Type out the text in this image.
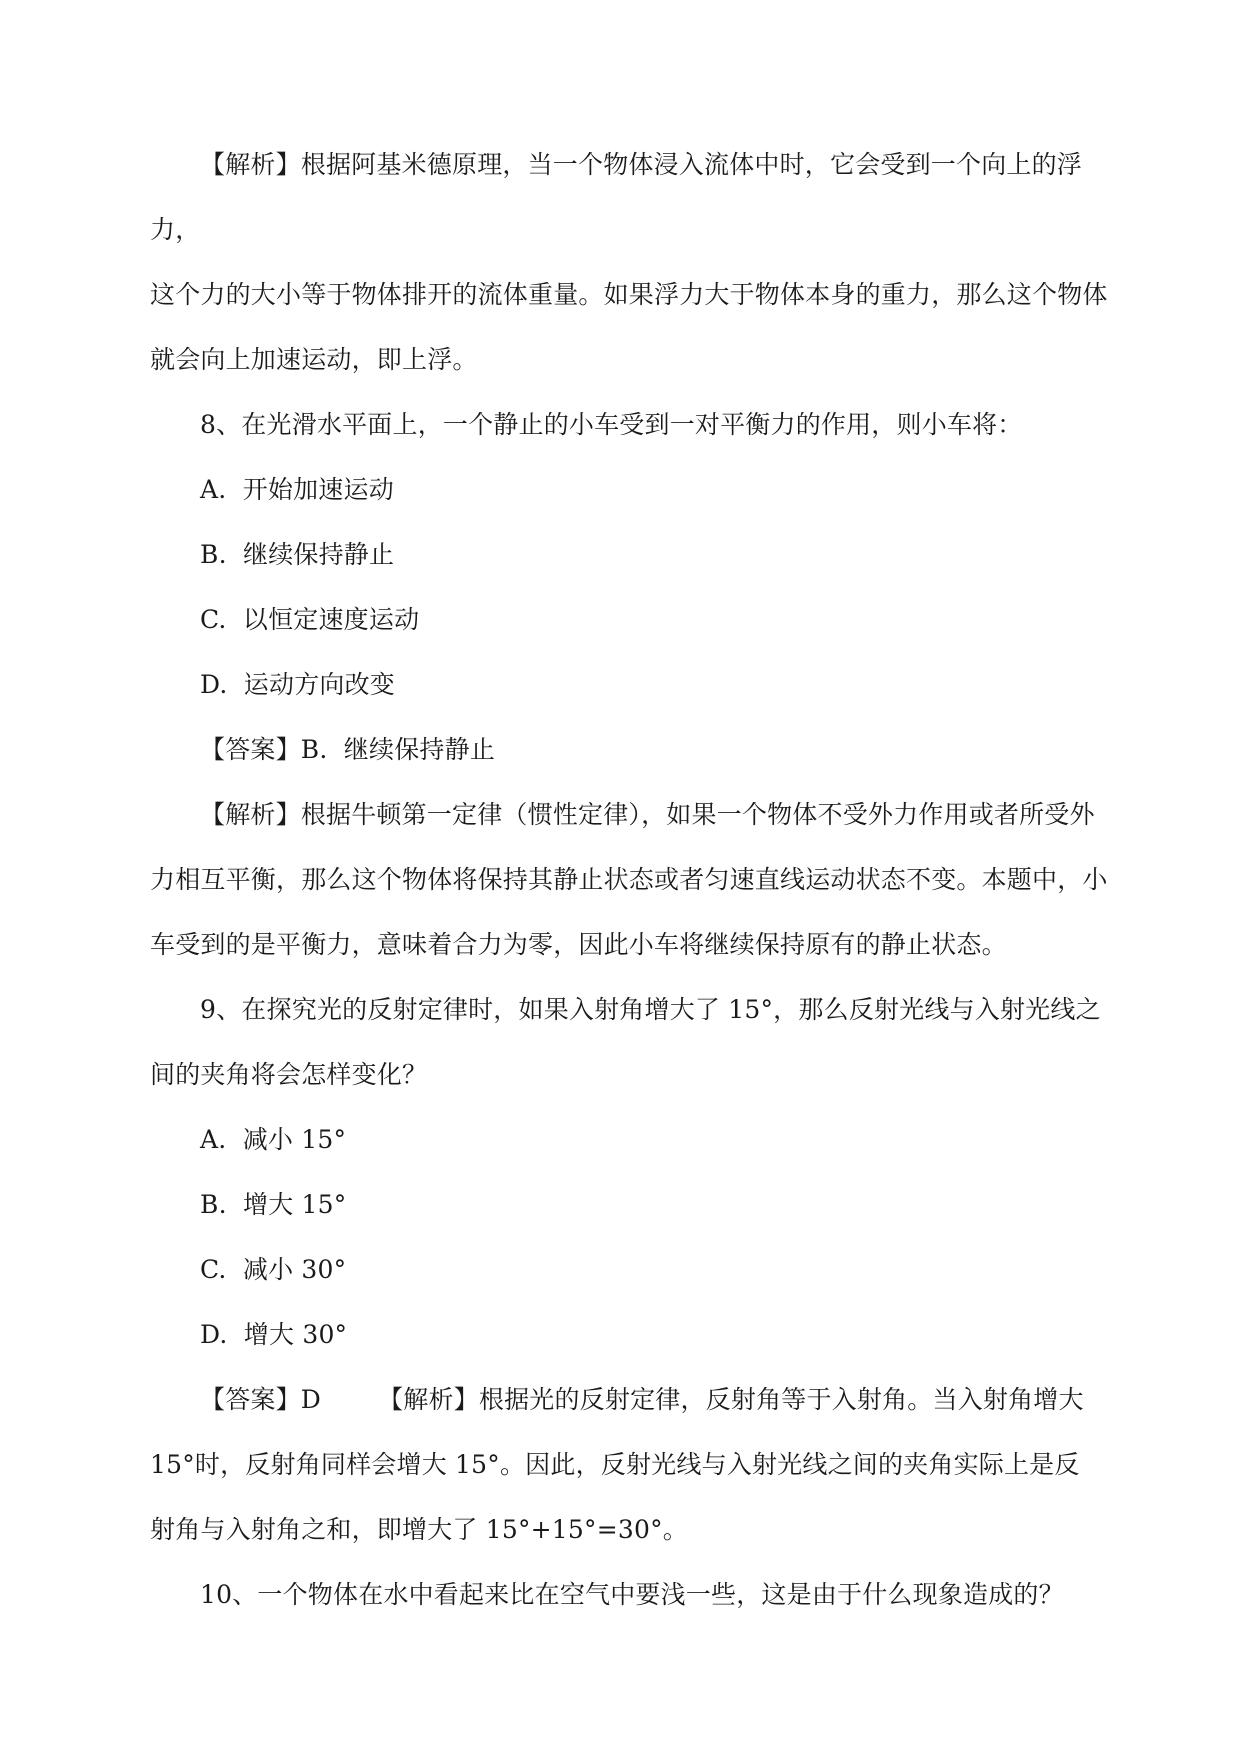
【解析】根据阿基米德原理，当一个物体浸入流体中时，它会受到一个向上的浮力，

这个力的大小等于物体排开的流体重量。如果浮力大于物体本身的重力，那么这个物体

就会向上加速运动，即上浮。

8、在光滑水平面上，一个静止的小车受到一对平衡力的作用，则小车将：

A.  开始加速运动

B.  继续保持静止

C.  以恒定速度运动

D.  运动方向改变

【答案】B.  继续保持静止

【解析】根据牛顿第一定律（惯性定律），如果一个物体不受外力作用或者所受外

力相互平衡，那么这个物体将保持其静止状态或者匀速直线运动状态不变。本题中，小

车受到的是平衡力，意味着合力为零，因此小车将继续保持原有的静止状态。

9、在探究光的反射定律时，如果入射角增大了 15°，那么反射光线与入射光线之

间的夹角将会怎样变化？

A.  减小 15°

B.  增大 15°

C.  减小 30°

D.  增大 30°

【答案】D       【解析】根据光的反射定律，反射角等于入射角。当入射角增大

15°时，反射角同样会增大 15°。因此，反射光线与入射光线之间的夹角实际上是反

射角与入射角之和，即增大了 15°+15°=30°。

10、一个物体在水中看起来比在空气中要浅一些，这是由于什么现象造成的？
